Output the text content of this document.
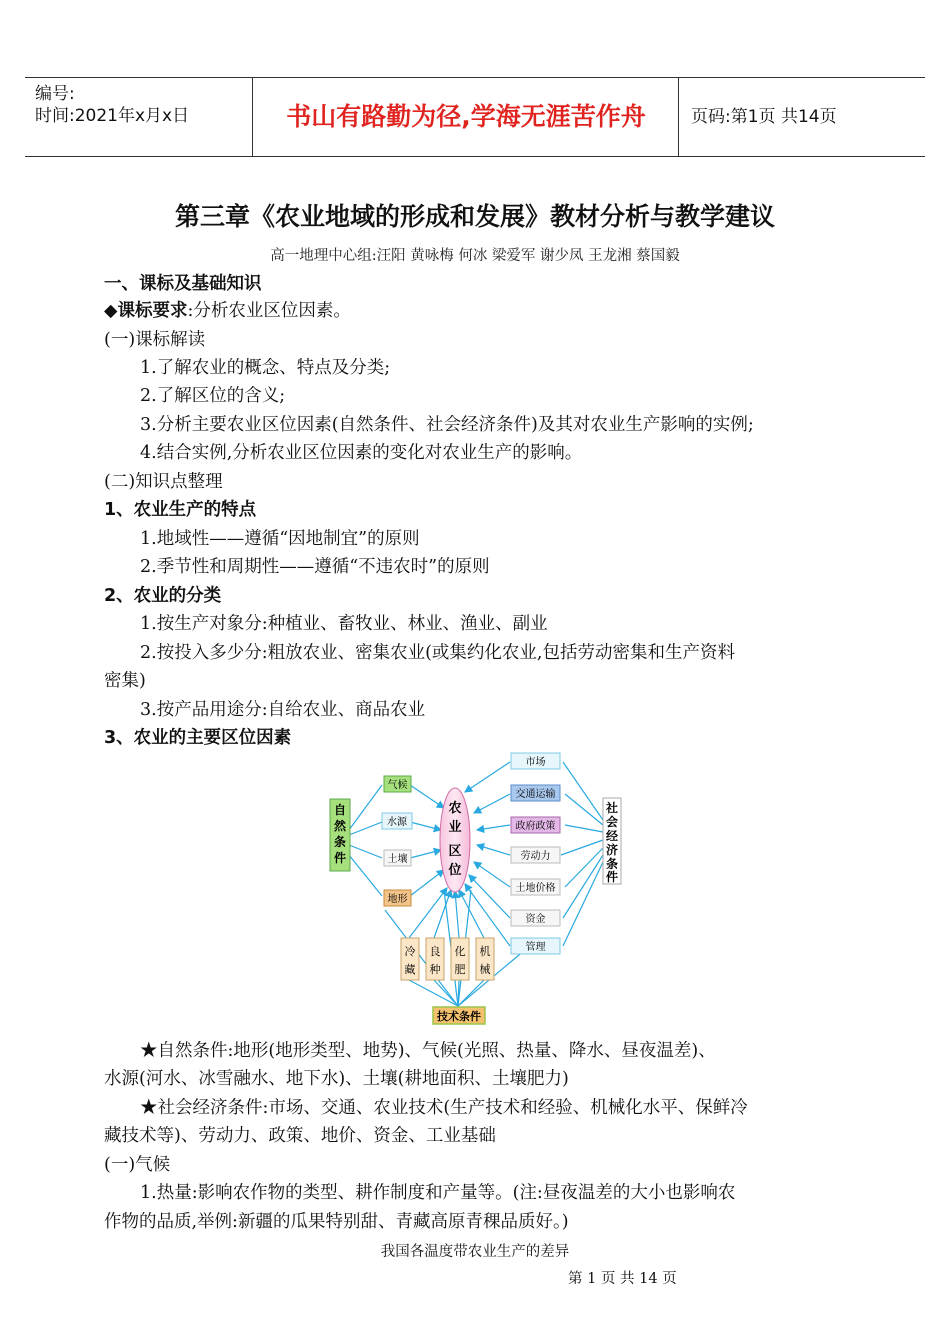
编号:
时间:2021年x月x日	书山有路勤为径,学海无涯苦作舟	页码:第1页 共14页
第三章《农业地域的形成和发展》教材分析与教学建议
高一地理中心组:汪阳 黄咏梅 何冰 梁爱军 谢少凤 王龙湘 蔡国毅
一、课标及基础知识
◆课标要求:分析农业区位因素。
(一)课标解读
1.了解农业的概念、特点及分类;
2.了解区位的含义;
3.分析主要农业区位因素(自然条件、社会经济条件)及其对农业生产影响的实例;
4.结合实例,分析农业区位因素的变化对农业生产的影响。
(二)知识点整理
1、农业生产的特点
1.地域性——遵循“因地制宜”的原则
2.季节性和周期性——遵循“不违农时”的原则
2、农业的分类
1.按生产对象分:种植业、畜牧业、林业、渔业、副业
2.按投入多少分:粗放农业、密集农业(或集约化农业,包括劳动密集和生产资料
密集)
3.按产品用途分:自给农业、商品农业
3、农业的主要区位因素
农
业
区
位
自
然
条
件
气候
水源
土壤
地形
市场
交通运输
政府政策
劳动力
土地价格
资金
管理
社
会
经
济
条
件
冷
藏
良
种
化
肥
机
械
技术条件
★自然条件:地形(地形类型、地势)、气候(光照、热量、降水、昼夜温差)、
水源(河水、冰雪融水、地下水)、土壤(耕地面积、土壤肥力)
★社会经济条件:市场、交通、农业技术(生产技术和经验、机械化水平、保鲜冷
藏技术等)、劳动力、政策、地价、资金、工业基础
(一)气候
1.热量:影响农作物的类型、耕作制度和产量等。(注:昼夜温差的大小也影响农
作物的品质,举例:新疆的瓜果特别甜、青藏高原青稞品质好。)
我国各温度带农业生产的差异
第 1 页 共 14 页
